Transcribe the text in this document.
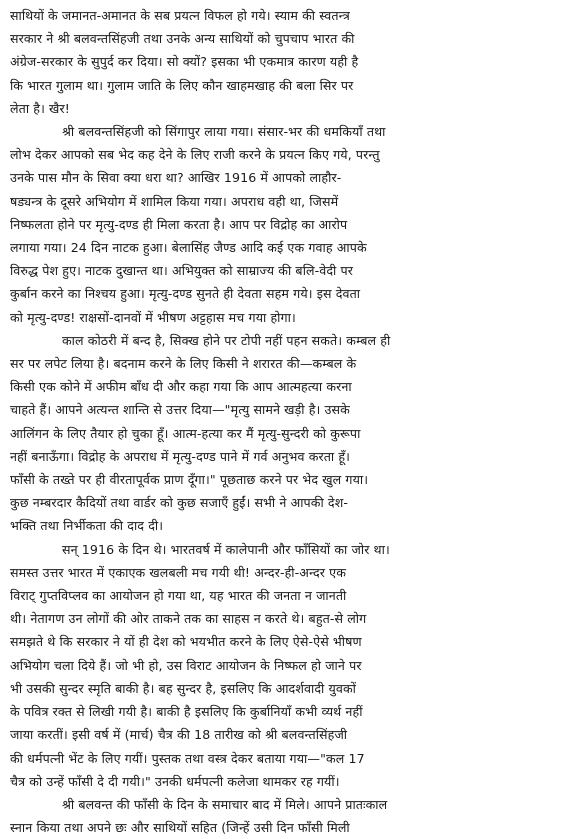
साथियों के जमानत-अमानत के सब प्रयत्न विफल हो गये। स्याम की स्वतन्त्र
सरकार ने श्री बलवन्तसिंहजी तथा उनके अन्य साथियों को चुपचाप भारत की
अंग्रेज-सरकार के सुपुर्द कर दिया। सो क्यों? इसका भी एकमात्र कारण यही है
कि भारत गुलाम था। गुलाम जाति के लिए कौन खाहमखाह की बला सिर पर
लेता है। खैर!
श्री बलवन्तसिंहजी को सिंगापुर लाया गया। संसार-भर की धमकियाँ तथा
लोभ देकर आपको सब भेद कह देने के लिए राजी करने के प्रयत्न किए गये, परन्तु
उनके पास मौन के सिवा क्या धरा था? आखिर 1916 में आपको लाहौर-
षड्यन्त्र के दूसरे अभियोग में शामिल किया गया। अपराध वही था, जिसमें
निष्फलता होने पर मृत्यु-दण्ड ही मिला करता है। आप पर विद्रोह का आरोप
लगाया गया। 24 दिन नाटक हुआ। बेलासिंह जैण्ड आदि कई एक गवाह आपके
विरुद्ध पेश हुए। नाटक दुखान्त था। अभियुक्त को साम्राज्य की बलि-वेदी पर
कुर्बान करने का निश्चय हुआ। मृत्यु-दण्ड सुनते ही देवता सहम गये। इस देवता
को मृत्यु-दण्ड! राक्षसों-दानवों में भीषण अट्टहास मच गया होगा।
काल कोठरी में बन्द है, सिक्ख होने पर टोपी नहीं पहन सकते। कम्बल ही
सर पर लपेट लिया है। बदनाम करने के लिए किसी ने शरारत की—कम्बल के
किसी एक कोने में अफीम बाँध दी और कहा गया कि आप आत्महत्या करना
चाहते हैं। आपने अत्यन्त शान्ति से उत्तर दिया—"मृत्यु सामने खड़ी है। उसके
आलिंगन के लिए तैयार हो चुका हूँ। आत्म-हत्या कर मैं मृत्यु-सुन्दरी को कुरूपा
नहीं बनाऊँगा। विद्रोह के अपराध में मृत्यु-दण्ड पाने में गर्व अनुभव करता हूँ।
फाँसी के तख्ते पर ही वीरतापूर्वक प्राण दूँगा।" पूछताछ करने पर भेद खुल गया।
कुछ नम्बरदार कैदियों तथा वार्डर को कुछ सजाएँ हुईं। सभी ने आपकी देश-
भक्ति तथा निर्भीकता की दाद दी।
सन् 1916 के दिन थे। भारतवर्ष में कालेपानी और फाँसियों का जोर था।
समस्त उत्तर भारत में एकाएक खलबली मच गयी थी! अन्दर-ही-अन्दर एक
विराट् गुप्तविप्लव का आयोजन हो गया था, यह भारत की जनता न जानती
थी। नेतागण उन लोगों की ओर ताकने तक का साहस न करते थे। बहुत-से लोग
समझते थे कि सरकार ने यों ही देश को भयभीत करने के लिए ऐसे-ऐसे भीषण
अभियोग चला दिये हैं। जो भी हो, उस विराट आयोजन के निष्फल हो जाने पर
भी उसकी सुन्दर स्मृति बाकी है। बह सुन्दर है, इसलिए कि आदर्शवादी युवकों
के पवित्र रक्त से लिखी गयी है। बाकी है इसलिए कि कुर्बानियाँ कभी व्यर्थ नहीं
जाया करतीं। इसी वर्ष में (मार्च) चैत्र की 18 तारीख को श्री बलवन्तसिंहजी
की धर्मपत्नी भेंट के लिए गयीं। पुस्तक तथा वस्त्र देकर बताया गया—"कल 17
चैत्र को उन्हें फाँसी दे दी गयी।" उनकी धर्मपत्नी कलेजा थामकर रह गयीं।
श्री बलवन्त की फाँसी के दिन के समाचार बाद में मिले। आपने प्रातःकाल
स्नान किया तथा अपने छः और साथियों सहित (जिन्हें उसी दिन फाँसी मिली
